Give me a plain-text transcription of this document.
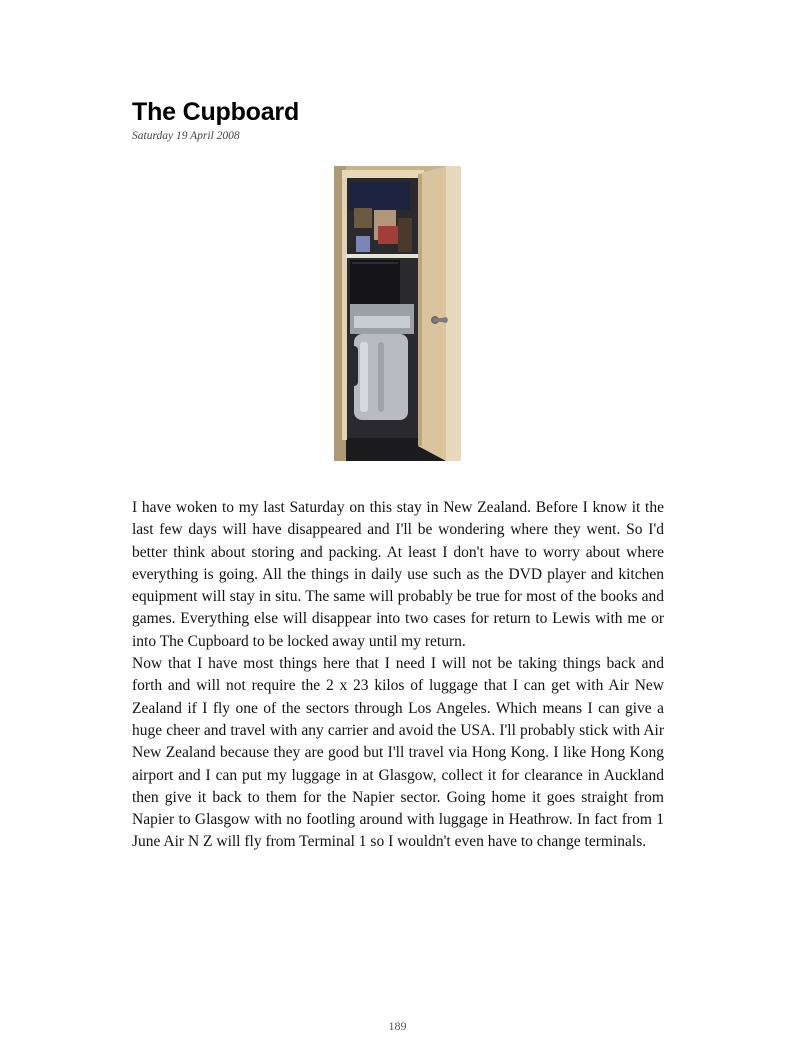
The Cupboard
Saturday 19 April 2008

I have woken to my last Saturday on this stay in New Zealand. Before I know it the last few days will have disappeared and I'll be wondering where they went. So I'd better think about storing and packing. At least I don't have to worry about where everything is going. All the things in daily use such as the DVD player and kitchen equipment will stay in situ. The same will probably be true for most of the books and games. Everything else will disappear into two cases for return to Lewis with me or into The Cupboard to be locked away until my return.

Now that I have most things here that I need I will not be taking things back and forth and will not require the 2 x 23 kilos of luggage that I can get with Air New Zealand if I fly one of the sectors through Los Angeles. Which means I can give a huge cheer and travel with any carrier and avoid the USA. I'll probably stick with Air New Zealand because they are good but I'll travel via Hong Kong. I like Hong Kong airport and I can put my luggage in at Glasgow, collect it for clearance in Auckland then give it back to them for the Napier sector. Going home it goes straight from Napier to Glasgow with no footling around with luggage in Heathrow. In fact from 1 June Air N Z will fly from Terminal 1 so I wouldn't even have to change terminals.

189
